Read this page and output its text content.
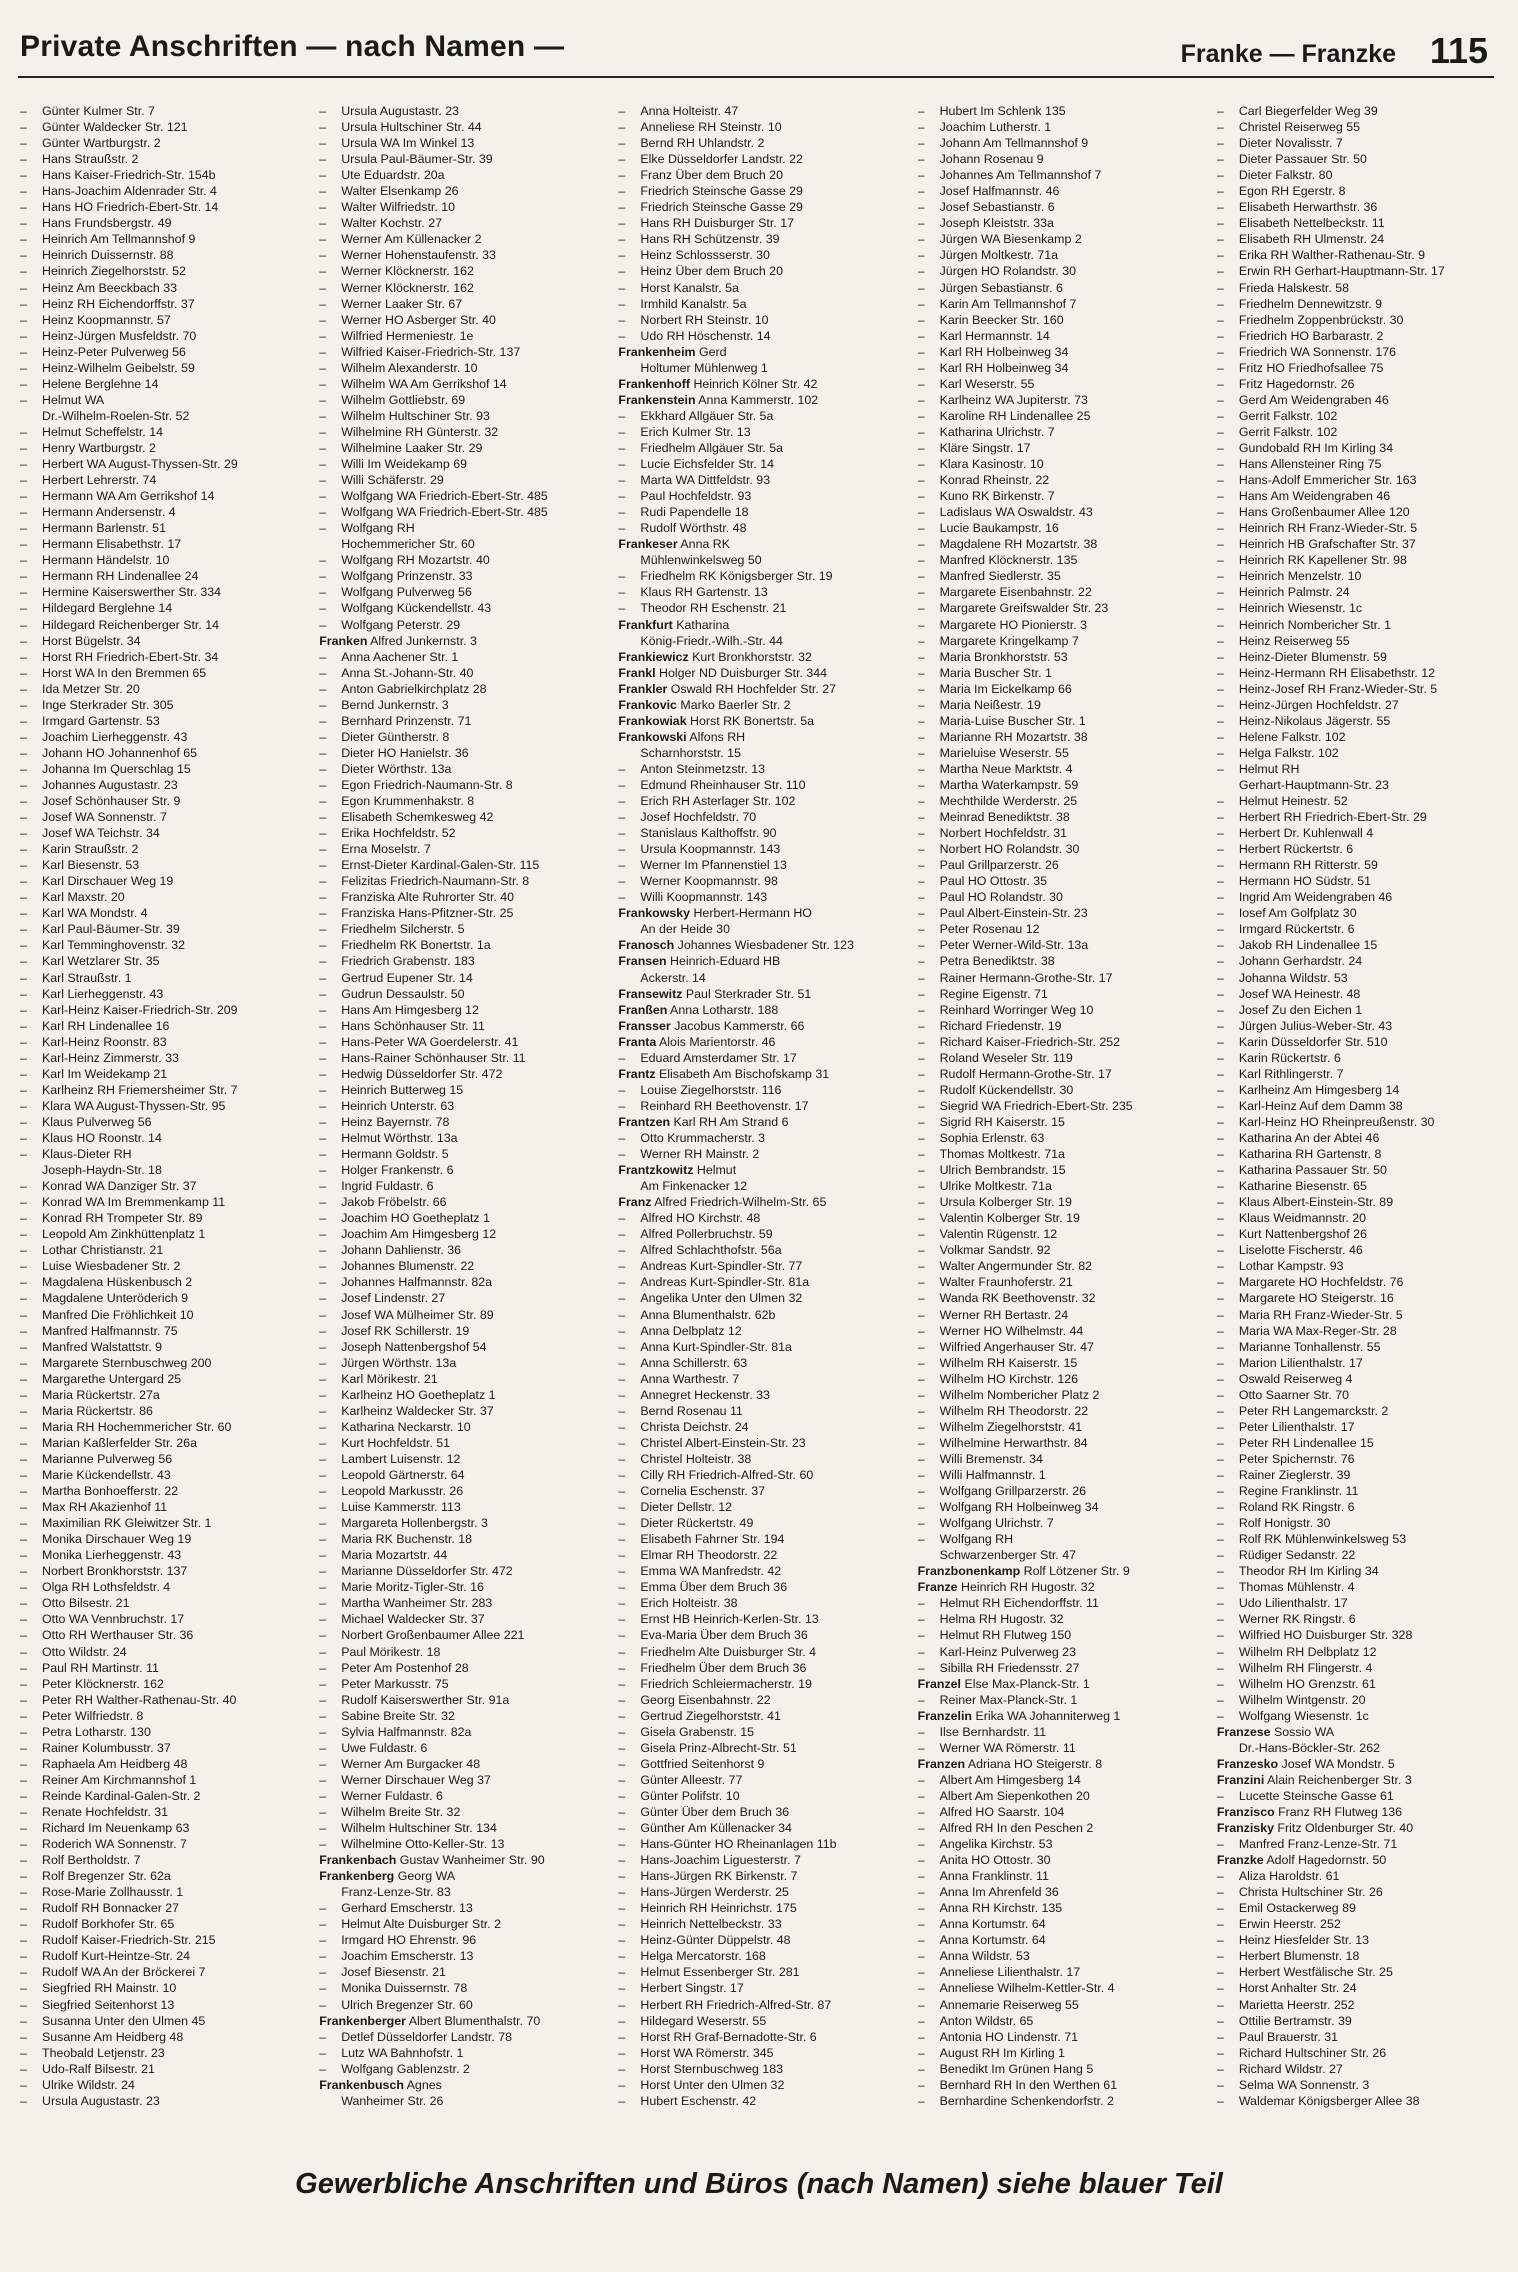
Private Anschriften — nach Namen —	Franke — Franzke 115
– Günter Kulmer Str. 7
– Günter Waldecker Str. 121
– Günter Wartburgstr. 2
– Hans Straußstr. 2
– Hans Kaiser-Friedrich-Str. 154b
– Hans-Joachim Aldenrader Str. 4
– Hans HO Friedrich-Ebert-Str. 14
– Hans Frundsbergstr. 49
– Heinrich Am Tellmannshof 9
– Heinrich Duissernstr. 88
– Heinrich Ziegelhorststr. 52
– Heinz Am Beeckbach 33
– Heinz RH Eichendorffstr. 37
– Heinz Koopmannstr. 57
– Heinz-Jürgen Musfeldstr. 70
– Heinz-Peter Pulverweg 56
– Heinz-Wilhelm Geibelstr. 59
– Helene Berglehne 14
– Helmut WA
Dr.-Wilhelm-Roelen-Str. 52
– Helmut Scheffelstr. 14
– Henry Wartburgstr. 2
– Herbert WA August-Thyssen-Str. 29
– Herbert Lehrerstr. 74
– Hermann WA Am Gerrikshof 14
– Hermann Andersenstr. 4
– Hermann Barlenstr. 51
– Hermann Elisabethstr. 17
– Hermann Händelstr. 10
– Hermann RH Lindenallee 24
– Hermine Kaiserswerther Str. 334
– Hildegard Berglehne 14
– Hildegard Reichenberger Str. 14
– Horst Bügelstr. 34
– Horst RH Friedrich-Ebert-Str. 34
– Horst WA In den Bremmen 65
– Ida Metzer Str. 20
– Inge Sterkrader Str. 305
– Irmgard Gartenstr. 53
– Joachim Lierheggenstr. 43
– Johann HO Johannenhof 65
– Johanna Im Querschlag 15
– Johannes Augustastr. 23
– Josef Schönhauser Str. 9
– Josef WA Sonnenstr. 7
– Josef WA Teichstr. 34
– Karin Straußstr. 2
– Karl Biesenstr. 53
– Karl Dirschauer Weg 19
– Karl Maxstr. 20
– Karl WA Mondstr. 4
– Karl Paul-Bäumer-Str. 39
– Karl Temminghovenstr. 32
– Karl Wetzlarer Str. 35
– Karl Straußstr. 1
– Karl Lierheggenstr. 43
– Karl-Heinz Kaiser-Friedrich-Str. 209
– Karl RH Lindenallee 16
– Karl-Heinz Roonstr. 83
– Karl-Heinz Zimmerstr. 33
– Karl Im Weidekamp 21
– Karlheinz RH Friemersheimer Str. 7
– Klara WA August-Thyssen-Str. 95
– Klaus Pulverweg 56
– Klaus HO Roonstr. 14
– Klaus-Dieter RH
Joseph-Haydn-Str. 18
– Konrad WA Danziger Str. 37
– Konrad WA Im Bremmenkamp 11
– Konrad RH Trompeter Str. 89
– Leopold Am Zinkhüttenplatz 1
– Lothar Christianstr. 21
– Luise Wiesbadener Str. 2
– Magdalena Hüskenbusch 2
– Magdalene Unteröderich 9
– Manfred Die Fröhlichkeit 10
– Manfred Halfmannstr. 75
– Manfred Walstattstr. 9
– Margarete Sternbuschweg 200
– Margarethe Untergard 25
– Maria Rückertstr. 27a
– Maria Rückertstr. 86
– Maria RH Hochemmericher Str. 60
– Marian Kaßlerfelder Str. 26a
– Marianne Pulverweg 56
– Marie Kückendellstr. 43
– Martha Bonhoefferstr. 22
– Max RH Akazienhof 11
– Maximilian RK Gleiwitzer Str. 1
– Monika Dirschauer Weg 19
– Monika Lierheggenstr. 43
– Norbert Bronkhorststr. 137
– Olga RH Lothsfeldstr. 4
– Otto Bilsestr. 21
– Otto WA Vennbruchstr. 17
– Otto RH Werthauser Str. 36
– Otto Wildstr. 24
– Paul RH Martinstr. 11
– Peter Klöcknerstr. 162
– Peter RH Walther-Rathenau-Str. 40
– Peter Wilfriedstr. 8
– Petra Lotharstr. 130
– Rainer Kolumbusstr. 37
– Raphaela Am Heidberg 48
– Reiner Am Kirchmannshof 1
– Reinde Kardinal-Galen-Str. 2
– Renate Hochfeldstr. 31
– Richard Im Neuenkamp 63
– Roderich WA Sonnenstr. 7
– Rolf Bertholdstr. 7
– Rolf Bregenzer Str. 62a
– Rose-Marie Zollhausstr. 1
– Rudolf RH Bonnacker 27
– Rudolf Borkhofer Str. 65
– Rudolf Kaiser-Friedrich-Str. 215
– Rudolf Kurt-Heintze-Str. 24
– Rudolf WA An der Bröckerei 7
– Siegfried RH Mainstr. 10
– Siegfried Seitenhorst 13
– Susanna Unter den Ulmen 45
– Susanne Am Heidberg 48
– Theobald Letjenstr. 23
– Udo-Ralf Bilsestr. 21
– Ulrike Wildstr. 24
– Ursula Augustastr. 23
– Ursula Augustastr. 23
– Ursula Hultschiner Str. 44
– Ursula WA Im Winkel 13
– Ursula Paul-Bäumer-Str. 39
– Ute Eduardstr. 20a
– Walter Elsenkamp 26
– Walter Wilfriedstr. 10
– Walter Kochstr. 27
– Werner Am Küllenacker 2
– Werner Hohenstaufenstr. 33
– Werner Klöcknerstr. 162
– Werner Klöcknerstr. 162
– Werner Laaker Str. 67
– Werner HO Asberger Str. 40
– Wilfried Hermeniestr. 1e
– Wilfried Kaiser-Friedrich-Str. 137
– Wilhelm Alexanderstr. 10
– Wilhelm WA Am Gerrikshof 14
– Wilhelm Gottliebstr. 69
– Wilhelm Hultschiner Str. 93
– Wilhelmine RH Günterstr. 32
– Wilhelmine Laaker Str. 29
– Willi Im Weidekamp 69
– Willi Schäferstr. 29
– Wolfgang WA Friedrich-Ebert-Str. 485
– Wolfgang WA Friedrich-Ebert-Str. 485
– Wolfgang RH
Hochemmericher Str. 60
– Wolfgang RH Mozartstr. 40
– Wolfgang Prinzenstr. 33
– Wolfgang Pulverweg 56
– Wolfgang Kückendellstr. 43
– Wolfgang Peterstr. 29
Franken Alfred Junkernstr. 3
– Anna Aachener Str. 1
– Anna St.-Johann-Str. 40
– Anton Gabrielkirchplatz 28
– Bernd Junkernstr. 3
– Bernhard Prinzenstr. 71
– Dieter Güntherstr. 8
– Dieter HO Hanielstr. 36
– Dieter Wörthstr. 13a
– Egon Friedrich-Naumann-Str. 8
– Egon Krummenhakstr. 8
– Elisabeth Schemkesweg 42
– Erika Hochfeldstr. 52
– Erna Moselstr. 7
– Ernst-Dieter Kardinal-Galen-Str. 115
– Felizitas Friedrich-Naumann-Str. 8
– Franziska Alte Ruhrorter Str. 40
– Franziska Hans-Pfitzner-Str. 25
– Friedhelm Silcherstr. 5
– Friedhelm RK Bonertstr. 1a
– Friedrich Grabenstr. 183
– Gertrud Eupener Str. 14
– Gudrun Dessaulstr. 50
– Hans Am Himgesberg 12
– Hans Schönhauser Str. 11
– Hans-Peter WA Goerdelerstr. 41
– Hans-Rainer Schönhauser Str. 11
– Hedwig Düsseldorfer Str. 472
– Heinrich Butterweg 15
– Heinrich Unterstr. 63
– Heinz Bayernstr. 78
– Helmut Wörthstr. 13a
– Hermann Goldstr. 5
– Holger Frankenstr. 6
– Ingrid Fuldastr. 6
– Jakob Fröbelstr. 66
– Joachim HO Goetheplatz 1
– Joachim Am Himgesberg 12
– Johann Dahlienstr. 36
– Johannes Blumenstr. 22
– Johannes Halfmannstr. 82a
– Josef Lindenstr. 27
– Josef WA Mülheimer Str. 89
– Josef RK Schillerstr. 19
– Joseph Nattenbergshof 54
– Jürgen Wörthstr. 13a
– Karl Mörikestr. 21
– Karlheinz HO Goetheplatz 1
– Karlheinz Waldecker Str. 37
– Katharina Neckarstr. 10
– Kurt Hochfeldstr. 51
– Lambert Luisenstr. 12
– Leopold Gärtnerstr. 64
– Leopold Markusstr. 26
– Luise Kammerstr. 113
– Margareta Hollenbergstr. 3
– Maria RK Buchenstr. 18
– Maria Mozartstr. 44
– Marianne Düsseldorfer Str. 472
– Marie Moritz-Tigler-Str. 16
– Martha Wanheimer Str. 283
– Michael Waldecker Str. 37
– Norbert Großenbaumer Allee 221
– Paul Mörikestr. 18
– Peter Am Postenhof 28
– Peter Markusstr. 75
– Rudolf Kaiserswerther Str. 91a
– Sabine Breite Str. 32
– Sylvia Halfmannstr. 82a
– Uwe Fuldastr. 6
– Werner Am Burgacker 48
– Werner Dirschauer Weg 37
– Werner Fuldastr. 6
– Wilhelm Breite Str. 32
– Wilhelm Hultschiner Str. 134
– Wilhelmine Otto-Keller-Str. 13
Frankenbach Gustav Wanheimer Str. 90
Frankenberg Georg WA
Franz-Lenze-Str. 83
– Gerhard Emscherstr. 13
– Helmut Alte Duisburger Str. 2
– Irmgard HO Ehrenstr. 96
– Joachim Emscherstr. 13
– Josef Biesenstr. 21
– Monika Duissernstr. 78
– Ulrich Bregenzer Str. 60
Frankenberger Albert Blumenthalstr. 70
– Detlef Düsseldorfer Landstr. 78
– Lutz WA Bahnhofstr. 1
– Wolfgang Gablenzstr. 2
Frankenbusch Agnes
Wanheimer Str. 26
– Anna Holteistr. 47
– Anneliese RH Steinstr. 10
– Bernd RH Uhlandstr. 2
– Elke Düsseldorfer Landstr. 22
– Franz Über dem Bruch 20
– Friedrich Steinsche Gasse 29
– Friedrich Steinsche Gasse 29
– Hans RH Duisburger Str. 17
– Hans RH Schützenstr. 39
– Heinz Schlossserstr. 30
– Heinz Über dem Bruch 20
– Horst Kanalstr. 5a
– Irmhild Kanalstr. 5a
– Norbert RH Steinstr. 10
– Udo RH Höschenstr. 14
Frankenheim Gerd
Holtumer Mühlenweg 1
Frankenhoff Heinrich Kölner Str. 42
Frankenstein Anna Kammerstr. 102
– Ekkhard Allgäuer Str. 5a
– Erich Kulmer Str. 13
– Friedhelm Allgäuer Str. 5a
– Lucie Eichsfelder Str. 14
– Marta WA Dittfeldstr. 93
– Paul Hochfeldstr. 93
– Rudi Papendelle 18
– Rudolf Wörthstr. 48
Frankeser Anna RK
Mühlenwinkelsweg 50
– Friedhelm RK Königsberger Str. 19
– Klaus RH Gartenstr. 13
– Theodor RH Eschenstr. 21
Frankfurt Katharina
König-Friedr.-Wilh.-Str. 44
Frankiewicz Kurt Bronkhorststr. 32
Frankl Holger ND Duisburger Str. 344
Frankler Oswald RH Hochfelder Str. 27
Frankovic Marko Baerler Str. 2
Frankowiak Horst RK Bonertstr. 5a
Frankowski Alfons RH
Scharnhorststr. 15
– Anton Steinmetzstr. 13
– Edmund Rheinhauser Str. 110
– Erich RH Asterlager Str. 102
– Josef Hochfeldstr. 70
– Stanislaus Kalthoffstr. 90
– Ursula Koopmannstr. 143
– Werner Im Pfannenstiel 13
– Werner Koopmannstr. 98
– Willi Koopmannstr. 143
Frankowsky Herbert-Hermann HO
An der Heide 30
Franosch Johannes Wiesbadener Str. 123
Fransen Heinrich-Eduard HB
Ackerstr. 14
Fransewitz Paul Sterkrader Str. 51
Franßen Anna Lotharstr. 188
Fransser Jacobus Kammerstr. 66
Franta Alois Marientorstr. 46
– Eduard Amsterdamer Str. 17
Frantz Elisabeth Am Bischofskamp 31
– Louise Ziegelhorststr. 116
– Reinhard RH Beethovenstr. 17
Frantzen Karl RH Am Strand 6
– Otto Krummacherstr. 3
– Werner RH Mainstr. 2
Frantzkowitz Helmut
Am Finkenacker 12
Franz Alfred Friedrich-Wilhelm-Str. 65
– Alfred HO Kirchstr. 48
– Alfred Pollerbruchstr. 59
– Alfred Schlachthofstr. 56a
– Andreas Kurt-Spindler-Str. 77
– Andreas Kurt-Spindler-Str. 81a
– Angelika Unter den Ulmen 32
– Anna Blumenthalstr. 62b
– Anna Delbplatz 12
– Anna Kurt-Spindler-Str. 81a
– Anna Schillerstr. 63
– Anna Warthestr. 7
– Annegret Heckenstr. 33
– Bernd Rosenau 11
– Christa Deichstr. 24
– Christel Albert-Einstein-Str. 23
– Christel Holteistr. 38
– Cilly RH Friedrich-Alfred-Str. 60
– Cornelia Eschenstr. 37
– Dieter Dellstr. 12
– Dieter Rückertstr. 49
– Elisabeth Fahrner Str. 194
– Elmar RH Theodorstr. 22
– Emma WA Manfredstr. 42
– Emma Über dem Bruch 36
– Erich Holteistr. 38
– Ernst HB Heinrich-Kerlen-Str. 13
– Eva-Maria Über dem Bruch 36
– Friedhelm Alte Duisburger Str. 4
– Friedhelm Über dem Bruch 36
– Friedrich Schleiermacherstr. 19
– Georg Eisenbahnstr. 22
– Gertrud Ziegelhorststr. 41
– Gisela Grabenstr. 15
– Gisela Prinz-Albrecht-Str. 51
– Gottfried Seitenhorst 9
– Günter Alleestr. 77
– Günter Polifstr. 10
– Günter Über dem Bruch 36
– Günther Am Küllenacker 34
– Hans-Günter HO Rheinanlagen 11b
– Hans-Joachim Liguesterstr. 7
– Hans-Jürgen RK Birkenstr. 7
– Hans-Jürgen Werderstr. 25
– Heinrich RH Heinrichstr. 175
– Heinrich Nettelbeckstr. 33
– Heinz-Günter Düppelstr. 48
– Helga Mercatorstr. 168
– Helmut Essenberger Str. 281
– Herbert Singstr. 17
– Herbert RH Friedrich-Alfred-Str. 87
– Hildegard Weserstr. 55
– Horst RH Graf-Bernadotte-Str. 6
– Horst WA Römerstr. 345
– Horst Sternbuschweg 183
– Horst Unter den Ulmen 32
– Hubert Eschenstr. 42
– Hubert Im Schlenk 135
– Joachim Lutherstr. 1
– Johann Am Tellmannshof 9
– Johann Rosenau 9
– Johannes Am Tellmannshof 7
– Josef Halfmannstr. 46
– Josef Sebastianstr. 6
– Joseph Kleiststr. 33a
– Jürgen WA Biesenkamp 2
– Jürgen Moltkestr. 71a
– Jürgen HO Rolandstr. 30
– Jürgen Sebastianstr. 6
– Karin Am Tellmannshof 7
– Karin Beecker Str. 160
– Karl Hermannstr. 14
– Karl RH Holbeinweg 34
– Karl RH Holbeinweg 34
– Karl Weserstr. 55
– Karlheinz WA Jupiterstr. 73
– Karoline RH Lindenallee 25
– Katharina Ulrichstr. 7
– Kläre Singstr. 17
– Klara Kasinostr. 10
– Konrad Rheinstr. 22
– Kuno RK Birkenstr. 7
– Ladislaus WA Oswaldstr. 43
– Lucie Baukampstr. 16
– Magdalene RH Mozartstr. 38
– Manfred Klöcknerstr. 135
– Manfred Siedlerstr. 35
– Margarete Eisenbahnstr. 22
– Margarete Greifswalder Str. 23
– Margarete HO Pionierstr. 3
– Margarete Kringelkamp 7
– Maria Bronkhorststr. 53
– Maria Buscher Str. 1
– Maria Im Eickelkamp 66
– Maria Neißestr. 19
– Maria-Luise Buscher Str. 1
– Marianne RH Mozartstr. 38
– Marieluise Weserstr. 55
– Martha Neue Marktstr. 4
– Martha Waterkampstr. 59
– Mechthilde Werderstr. 25
– Meinrad Benediktstr. 38
– Norbert Hochfeldstr. 31
– Norbert HO Rolandstr. 30
– Paul Grillparzerstr. 26
– Paul HO Ottostr. 35
– Paul HO Rolandstr. 30
– Paul Albert-Einstein-Str. 23
– Peter Rosenau 12
– Peter Werner-Wild-Str. 13a
– Petra Benediktstr. 38
– Rainer Hermann-Grothe-Str. 17
– Regine Eigenstr. 71
– Reinhard Worringer Weg 10
– Richard Friedenstr. 19
– Richard Kaiser-Friedrich-Str. 252
– Roland Weseler Str. 119
– Rudolf Hermann-Grothe-Str. 17
– Rudolf Kückendellstr. 30
– Siegrid WA Friedrich-Ebert-Str. 235
– Sigrid RH Kaiserstr. 15
– Sophia Erlenstr. 63
– Thomas Moltkestr. 71a
– Ulrich Bembrandstr. 15
– Ulrike Moltkestr. 71a
– Ursula Kolberger Str. 19
– Valentin Kolberger Str. 19
– Valentin Rügenstr. 12
– Volkmar Sandstr. 92
– Walter Angermunder Str. 82
– Walter Fraunhoferstr. 21
– Wanda RK Beethovenstr. 32
– Werner RH Bertastr. 24
– Werner HO Wilhelmstr. 44
– Wilfried Angerhauser Str. 47
– Wilhelm RH Kaiserstr. 15
– Wilhelm HO Kirchstr. 126
– Wilhelm Nombericher Platz 2
– Wilhelm RH Theodorstr. 22
– Wilhelm Ziegelhorststr. 41
– Wilhelmine Herwarthstr. 84
– Willi Bremenstr. 34
– Willi Halfmannstr. 1
– Wolfgang Grillparzerstr. 26
– Wolfgang RH Holbeinweg 34
– Wolfgang Ulrichstr. 7
– Wolfgang RH
Schwarzenberger Str. 47
Franzbonenkamp Rolf Lötzener Str. 9
Franze Heinrich RH Hugostr. 32
– Helmut RH Eichendorffstr. 11
– Helma RH Hugostr. 32
– Helmut RH Flutweg 150
– Karl-Heinz Pulverweg 23
– Sibilla RH Friedensstr. 27
Franzel Else Max-Planck-Str. 1
– Reiner Max-Planck-Str. 1
Franzelin Erika WA Johanniterweg 1
– Ilse Bernhardstr. 11
– Werner WA Römerstr. 11
Franzen Adriana HO Steigerstr. 8
– Albert Am Himgesberg 14
– Albert Am Siepenkothen 20
– Alfred HO Saarstr. 104
– Alfred RH In den Peschen 2
– Angelika Kirchstr. 53
– Anita HO Ottostr. 30
– Anna Franklinstr. 11
– Anna Im Ahrenfeld 36
– Anna RH Kirchstr. 135
– Anna Kortumstr. 64
– Anna Kortumstr. 64
– Anna Wildstr. 53
– Anneliese Lilienthalstr. 17
– Anneliese Wilhelm-Kettler-Str. 4
– Annemarie Reiserweg 55
– Anton Wildstr. 65
– Antonia HO Lindenstr. 71
– August RH Im Kirling 1
– Benedikt Im Grünen Hang 5
– Bernhard RH In den Werthen 61
– Bernhardine Schenkendorfstr. 2
– Carl Biegerfelder Weg 39
– Christel Reiserweg 55
– Dieter Novalisstr. 7
– Dieter Passauer Str. 50
– Dieter Falkstr. 80
– Egon RH Egerstr. 8
– Elisabeth Herwarthstr. 36
– Elisabeth Nettelbeckstr. 11
– Elisabeth RH Ulmenstr. 24
– Erika RH Walther-Rathenau-Str. 9
– Erwin RH Gerhart-Hauptmann-Str. 17
– Frieda Halskestr. 58
– Friedhelm Dennewitzstr. 9
– Friedhelm Zoppenbrückstr. 30
– Friedrich HO Barbarastr. 2
– Friedrich WA Sonnenstr. 176
– Fritz HO Friedhofsallee 75
– Fritz Hagedornstr. 26
– Gerd Am Weidengraben 46
– Gerrit Falkstr. 102
– Gerrit Falkstr. 102
– Gundobald RH Im Kirling 34
– Hans Allensteiner Ring 75
– Hans-Adolf Emmericher Str. 163
– Hans Am Weidengraben 46
– Hans Großenbaumer Allee 120
– Heinrich RH Franz-Wieder-Str. 5
– Heinrich HB Grafschafter Str. 37
– Heinrich RK Kapellener Str. 98
– Heinrich Menzelstr. 10
– Heinrich Palmstr. 24
– Heinrich Wiesenstr. 1c
– Heinrich Nombericher Str. 1
– Heinz Reiserweg 55
– Heinz-Dieter Blumenstr. 59
– Heinz-Hermann RH Elisabethstr. 12
– Heinz-Josef RH Franz-Wieder-Str. 5
– Heinz-Jürgen Hochfeldstr. 27
– Heinz-Nikolaus Jägerstr. 55
– Helene Falkstr. 102
– Helga Falkstr. 102
– Helmut RH
Gerhart-Hauptmann-Str. 23
– Helmut Heinestr. 52
– Herbert RH Friedrich-Ebert-Str. 29
– Herbert Dr. Kuhlenwall 4
– Herbert Rückertstr. 6
– Hermann RH Ritterstr. 59
– Hermann HO Südstr. 51
– Ingrid Am Weidengraben 46
– Iosef Am Golfplatz 30
– Irmgard Rückertstr. 6
– Jakob RH Lindenallee 15
– Johann Gerhardstr. 24
– Johanna Wildstr. 53
– Josef WA Heinestr. 48
– Josef Zu den Eichen 1
– Jürgen Julius-Weber-Str. 43
– Karin Düsseldorfer Str. 510
– Karin Rückertstr. 6
– Karl Rithlingerstr. 7
– Karlheinz Am Himgesberg 14
– Karl-Heinz Auf dem Damm 38
– Karl-Heinz HO Rheinpreußenstr. 30
– Katharina An der Abtei 46
– Katharina RH Gartenstr. 8
– Katharina Passauer Str. 50
– Katharine Biesenstr. 65
– Klaus Albert-Einstein-Str. 89
– Klaus Weidmannstr. 20
– Kurt Nattenbergshof 26
– Liselotte Fischerstr. 46
– Lothar Kampstr. 93
– Margarete HO Hochfeldstr. 76
– Margarete HO Steigerstr. 16
– Maria RH Franz-Wieder-Str. 5
– Maria WA Max-Reger-Str. 28
– Marianne Tonhallenstr. 55
– Marion Lilienthalstr. 17
– Oswald Reiserweg 4
– Otto Saarner Str. 70
– Peter RH Langemarckstr. 2
– Peter Lilienthalstr. 17
– Peter RH Lindenallee 15
– Peter Spichernstr. 76
– Rainer Zieglerstr. 39
– Regine Franklinstr. 11
– Roland RK Ringstr. 6
– Rolf Honigstr. 30
– Rolf RK Mühlenwinkelsweg 53
– Rüdiger Sedanstr. 22
– Theodor RH Im Kirling 34
– Thomas Mühlenstr. 4
– Udo Lilienthalstr. 17
– Werner RK Ringstr. 6
– Wilfried HO Duisburger Str. 328
– Wilhelm RH Delbplatz 12
– Wilhelm RH Flingerstr. 4
– Wilhelm HO Grenzstr. 61
– Wilhelm Wintgenstr. 20
– Wolfgang Wiesenstr. 1c
Franzese Sossio WA
Dr.-Hans-Böckler-Str. 262
Franzesko Josef WA Mondstr. 5
Franzini Alain Reichenberger Str. 3
– Lucette Steinsche Gasse 61
Franzisco Franz RH Flutweg 136
Franzisky Fritz Oldenburger Str. 40
– Manfred Franz-Lenze-Str. 71
Franzke Adolf Hagedornstr. 50
– Aliza Haroldstr. 61
– Christa Hultschiner Str. 26
– Emil Ostackerweg 89
– Erwin Heerstr. 252
– Heinz Hiesfelder Str. 13
– Herbert Blumenstr. 18
– Herbert Westfälische Str. 25
– Horst Anhalter Str. 24
– Marietta Heerstr. 252
– Ottilie Bertramstr. 39
– Paul Brauerstr. 31
– Richard Hultschiner Str. 26
– Richard Wildstr. 27
– Selma WA Sonnenstr. 3
– Waldemar Königsberger Allee 38
Gewerbliche Anschriften und Büros (nach Namen) siehe blauer Teil
